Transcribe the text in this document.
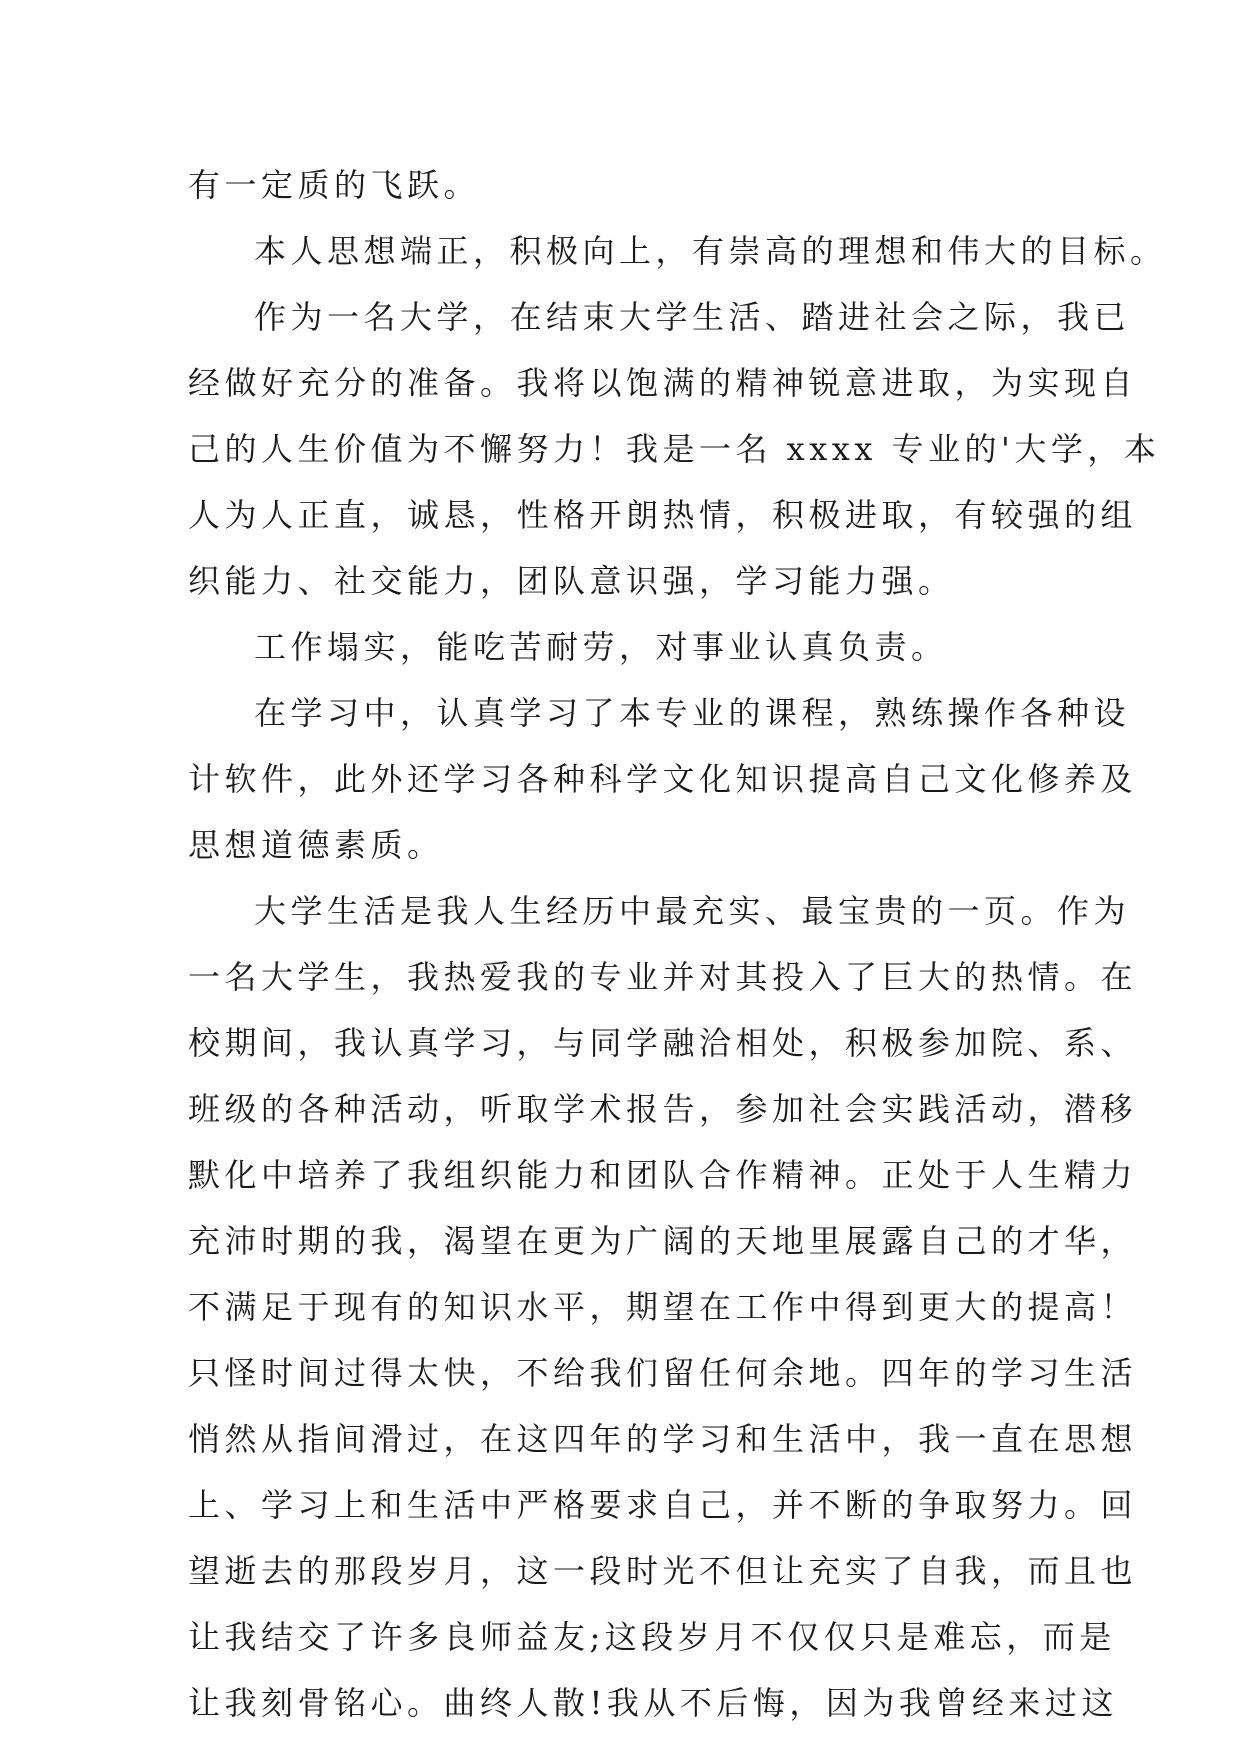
有一定质的飞跃。
本人思想端正，积极向上，有崇高的理想和伟大的目标。
作为一名大学，在结束大学生活、踏进社会之际，我已
经做好充分的准备。我将以饱满的精神锐意进取，为实现自
己的人生价值为不懈努力！我是一名 xxxx 专业的'大学，本
人为人正直，诚恳，性格开朗热情，积极进取，有较强的组
织能力、社交能力，团队意识强，学习能力强。
工作塌实，能吃苦耐劳，对事业认真负责。
在学习中，认真学习了本专业的课程，熟练操作各种设
计软件，此外还学习各种科学文化知识提高自己文化修养及
思想道德素质。
大学生活是我人生经历中最充实、最宝贵的一页。作为
一名大学生，我热爱我的专业并对其投入了巨大的热情。在
校期间，我认真学习，与同学融洽相处，积极参加院、系、
班级的各种活动，听取学术报告，参加社会实践活动，潜移
默化中培养了我组织能力和团队合作精神。正处于人生精力
充沛时期的我，渴望在更为广阔的天地里展露自己的才华，
不满足于现有的知识水平，期望在工作中得到更大的提高！
只怪时间过得太快，不给我们留任何余地。四年的学习生活
悄然从指间滑过，在这四年的学习和生活中，我一直在思想
上、学习上和生活中严格要求自己，并不断的争取努力。回
望逝去的那段岁月，这一段时光不但让充实了自我，而且也
让我结交了许多良师益友;这段岁月不仅仅只是难忘，而是
让我刻骨铭心。曲终人散!我从不后悔，因为我曾经来过这
